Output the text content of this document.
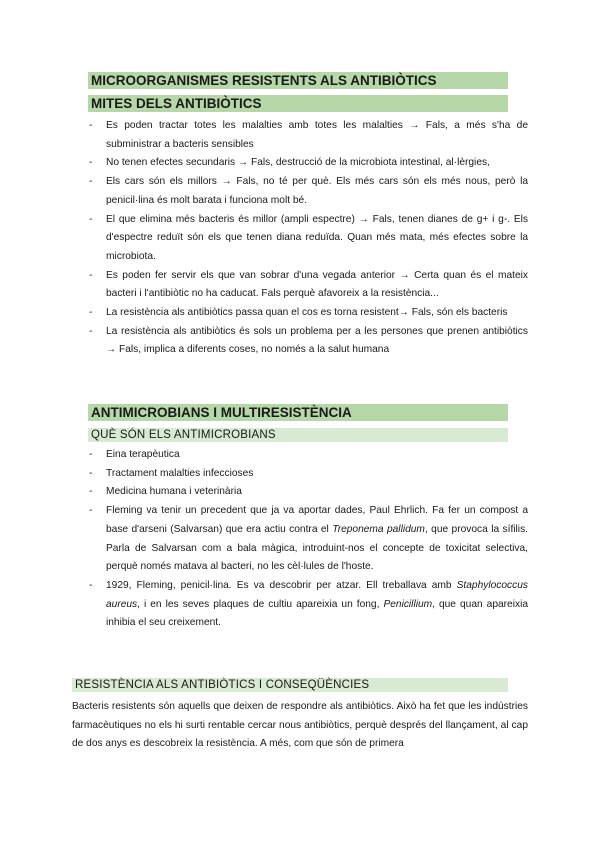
MICROORGANISMES RESISTENTS ALS ANTIBIÒTICS
MITES DELS ANTIBIÒTICS
- Es poden tractar totes les malalties amb totes les malalties → Fals, a més s'ha de subministrar a bacteris sensibles
- No tenen efectes secundaris → Fals, destrucció de la microbiota intestinal, al·lèrgies,
- Els cars són els millors → Fals, no té per què. Els més cars són els més nous, però la penicil·lina és molt barata i funciona molt bé.
- El que elimina més bacteris és millor (ampli espectre) → Fals, tenen dianes de g+ i g-. Els d'espectre reduït són els que tenen diana reduïda. Quan més mata, més efectes sobre la microbiota.
- Es poden fer servir els que van sobrar d'una vegada anterior → Certa quan és el mateix bacteri i l'antibiòtic no ha caducat. Fals perquè afavoreix a la resistència...
- La resistència als antibiòtics passa quan el cos es torna resistent→ Fals, són els bacteris
- La resistència als antibiòtics és sols un problema per a les persones que prenen antibiòtics → Fals, implica a diferents coses, no només a la salut humana
ANTIMICROBIANS I MULTIRESISTÈNCIA
QUÈ SÓN ELS ANTIMICROBIANS
- Eina terapèutica
- Tractament malalties infeccioses
- Medicina humana i veterinària
- Fleming va tenir un precedent que ja va aportar dades, Paul Ehrlich. Fa fer un compost a base d'arseni (Salvarsan) que era actiu contra el Treponema pallidum, que provoca la sífilis. Parla de Salvarsan com a bala màgica, introduint-nos el concepte de toxicitat selectiva, perquè només matava al bacteri, no les cèl·lules de l'hoste.
- 1929, Fleming, penicil·lina. Es va descobrir per atzar. Ell treballava amb Staphylococcus aureus, i en les seves plaques de cultiu apareixia un fong, Penicillium, que quan apareixia inhibia el seu creixement.
RESISTÈNCIA ALS ANTIBIÒTICS I CONSEQÜÈNCIES

Bacteris resistents són aquells que deixen de respondre als antibiòtics. Això ha fet que les indústries farmacèutiques no els hi surti rentable cercar nous antibiòtics, perquè després del llançament, al cap de dos anys es descobreix la resistència. A més, com que són de primera
